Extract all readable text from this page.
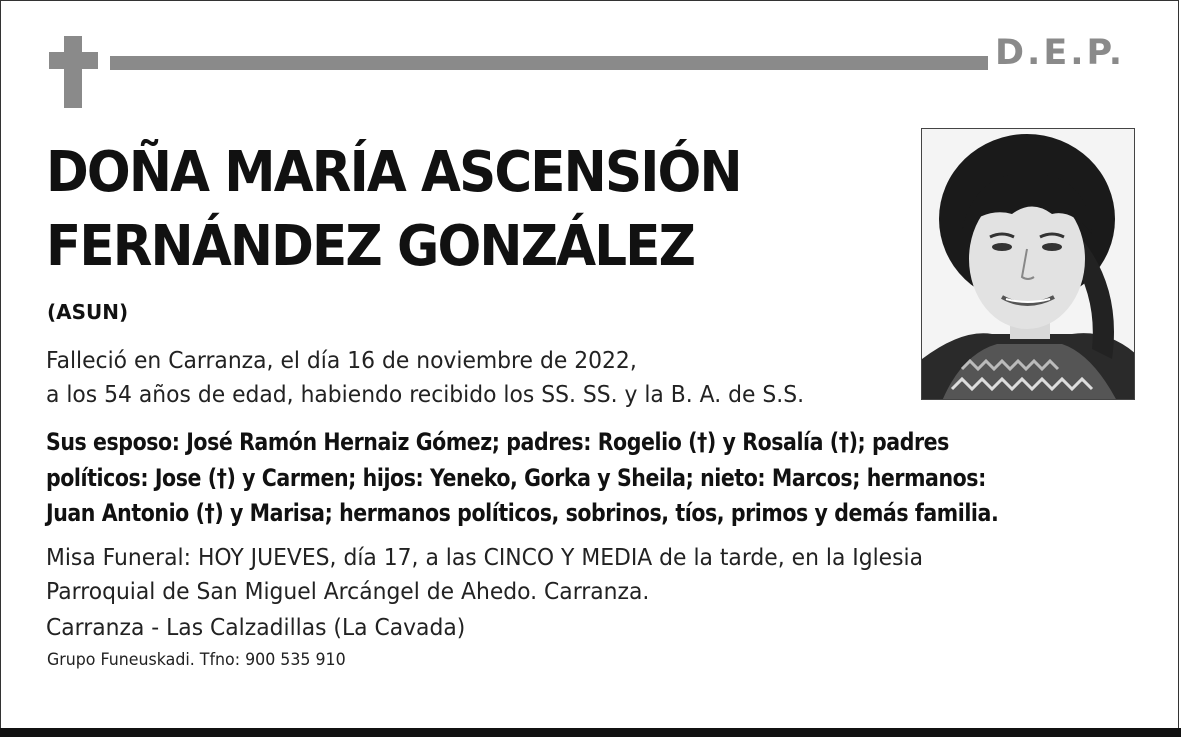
D.E.P.
DOÑA MARÍA ASCENSIÓN
FERNÁNDEZ GONZÁLEZ
(ASUN)
Falleció en Carranza, el día 16 de noviembre de 2022,
a los 54 años de edad, habiendo recibido los SS. SS. y la B. A. de S.S.
Sus esposo: José Ramón Hernaiz Gómez; padres: Rogelio (†) y Rosalía (†); padres
políticos: Jose (†) y Carmen; hijos: Yeneko, Gorka y Sheila; nieto: Marcos; hermanos:
Juan Antonio (†) y Marisa; hermanos políticos, sobrinos, tíos, primos y demás familia.
Misa Funeral: HOY JUEVES, día 17, a las CINCO Y MEDIA de la tarde, en la Iglesia
Parroquial de San Miguel Arcángel de Ahedo. Carranza.
Carranza - Las Calzadillas (La Cavada)
Grupo Funeuskadi. Tfno: 900 535 910
